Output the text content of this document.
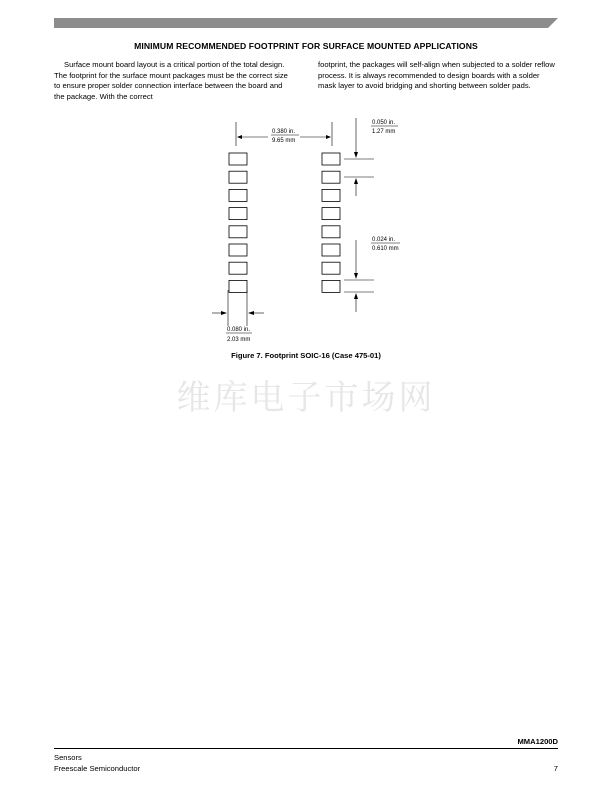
MINIMUM RECOMMENDED FOOTPRINT FOR SURFACE MOUNTED APPLICATIONS
Surface mount board layout is a critical portion of the total design. The footprint for the surface mount packages must be the correct size to ensure proper solder connection interface between the board and the package. With the correct
footprint, the packages will self-align when subjected to a solder reflow process. It is always recommended to design boards with a solder mask layer to avoid bridging and shorting between solder pads.
0.380 in.
9.65 mm
0.050 in.
1.27 mm
0.024 in.
0.610 mm
0.080 in.
2.03 mm
Figure 7. Footprint SOIC-16 (Case 475-01)
维库电子市场网
MMA1200D
Sensors
Freescale Semiconductor	7
